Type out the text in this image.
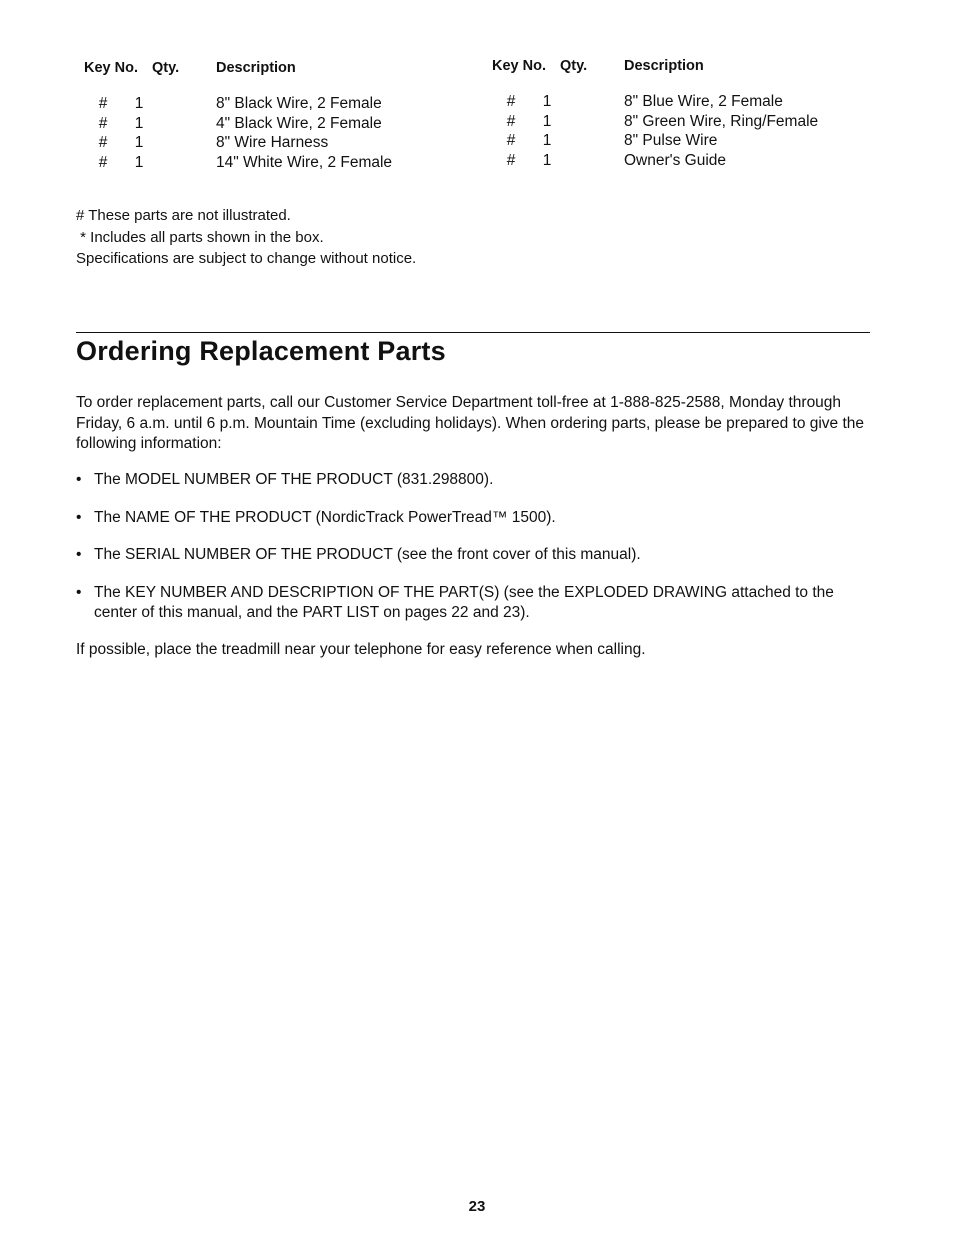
Key No. Qty.	Description
#	1	8" Black Wire, 2 Female
#	1	4" Black Wire, 2 Female
#	1	8" Wire Harness
#	1	14" White Wire, 2 Female
Key No. Qty.	Description
#	1	8" Blue Wire, 2 Female
#	1	8" Green Wire, Ring/Female
#	1	8" Pulse Wire
#	1	Owner's Guide
# These parts are not illustrated.
* Includes all parts shown in the box.
Specifications are subject to change without notice.
Ordering Replacement Parts

To order replacement parts, call our Customer Service Department toll-free at 1-888-825-2588, Monday through Friday, 6 a.m. until 6 p.m. Mountain Time (excluding holidays). When ordering parts, please be prepared to give the following information:

• The MODEL NUMBER OF THE PRODUCT (831.298800).
• The NAME OF THE PRODUCT (NordicTrack PowerTread™ 1500).
• The SERIAL NUMBER OF THE PRODUCT (see the front cover of this manual).
• The KEY NUMBER AND DESCRIPTION OF THE PART(S) (see the EXPLODED DRAWING attached to the center of this manual, and the PART LIST on pages 22 and 23).

If possible, place the treadmill near your telephone for easy reference when calling.

23
